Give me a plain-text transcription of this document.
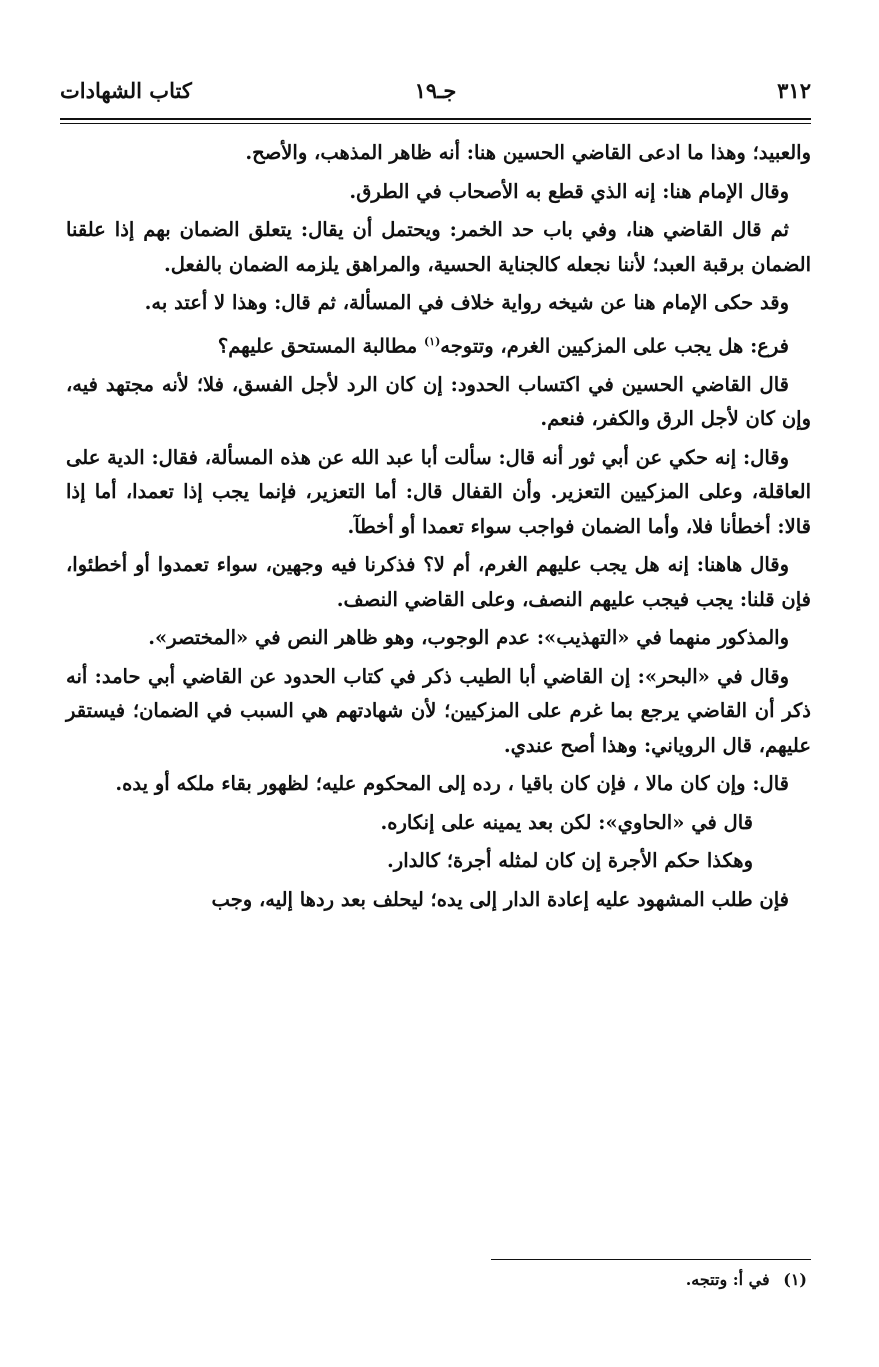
٣١٢
جـ١٩
كتاب الشهادات

والعبيد؛ وهذا ما ادعى القاضي الحسين هنا: أنه ظاهر المذهب، والأصح.

وقال الإمام هنا: إنه الذي قطع به الأصحاب في الطرق.

ثم قال القاضي هنا، وفي باب حد الخمر: ويحتمل أن يقال: يتعلق الضمان بهم إذا علقنا الضمان برقبة العبد؛ لأننا نجعله كالجناية الحسية، والمراهق يلزمه الضمان بالفعل.

وقد حكى الإمام هنا عن شيخه رواية خلاف في المسألة، ثم قال: وهذا لا أعتد به.

فرع: هل يجب على المزكيين الغرم، وتتوجه$^{(١)}$ مطالبة المستحق عليهم؟

قال القاضي الحسين في اكتساب الحدود: إن كان الرد لأجل الفسق، فلا؛ لأنه مجتهد فيه، وإن كان لأجل الرق والكفر، فنعم.

وقال: إنه حكي عن أبي ثور أنه قال: سألت أبا عبد الله عن هذه المسألة، فقال: الدية على العاقلة، وعلى المزكيين التعزير. وأن القفال قال: أما التعزير، فإنما يجب إذا تعمدا، أما إذا قالا: أخطأنا فلا، وأما الضمان فواجب سواء تعمدا أو أخطآ.

وقال هاهنا: إنه هل يجب عليهم الغرم، أم لا؟ فذكرنا فيه وجهين، سواء تعمدوا أو أخطئوا، فإن قلنا: يجب فيجب عليهم النصف، وعلى القاضي النصف.

والمذكور منهما في «التهذيب»: عدم الوجوب، وهو ظاهر النص في «المختصر».

وقال في «البحر»: إن القاضي أبا الطيب ذكر في كتاب الحدود عن القاضي أبي حامد: أنه ذكر أن القاضي يرجع بما غرم على المزكيين؛ لأن شهادتهم هي السبب في الضمان؛ فيستقر عليهم، قال الروياني: وهذا أصح عندي.

قال: وإن كان مالا ، فإن كان باقيا ، رده إلى المحكوم عليه؛ لظهور بقاء ملكه أو يده.

قال في «الحاوي»: لكن بعد يمينه على إنكاره.

وهكذا حكم الأجرة إن كان لمثله أجرة؛ كالدار.

فإن طلب المشهود عليه إعادة الدار إلى يده؛ ليحلف بعد ردها إليه، وجب

(١) في أ: وتتجه.
